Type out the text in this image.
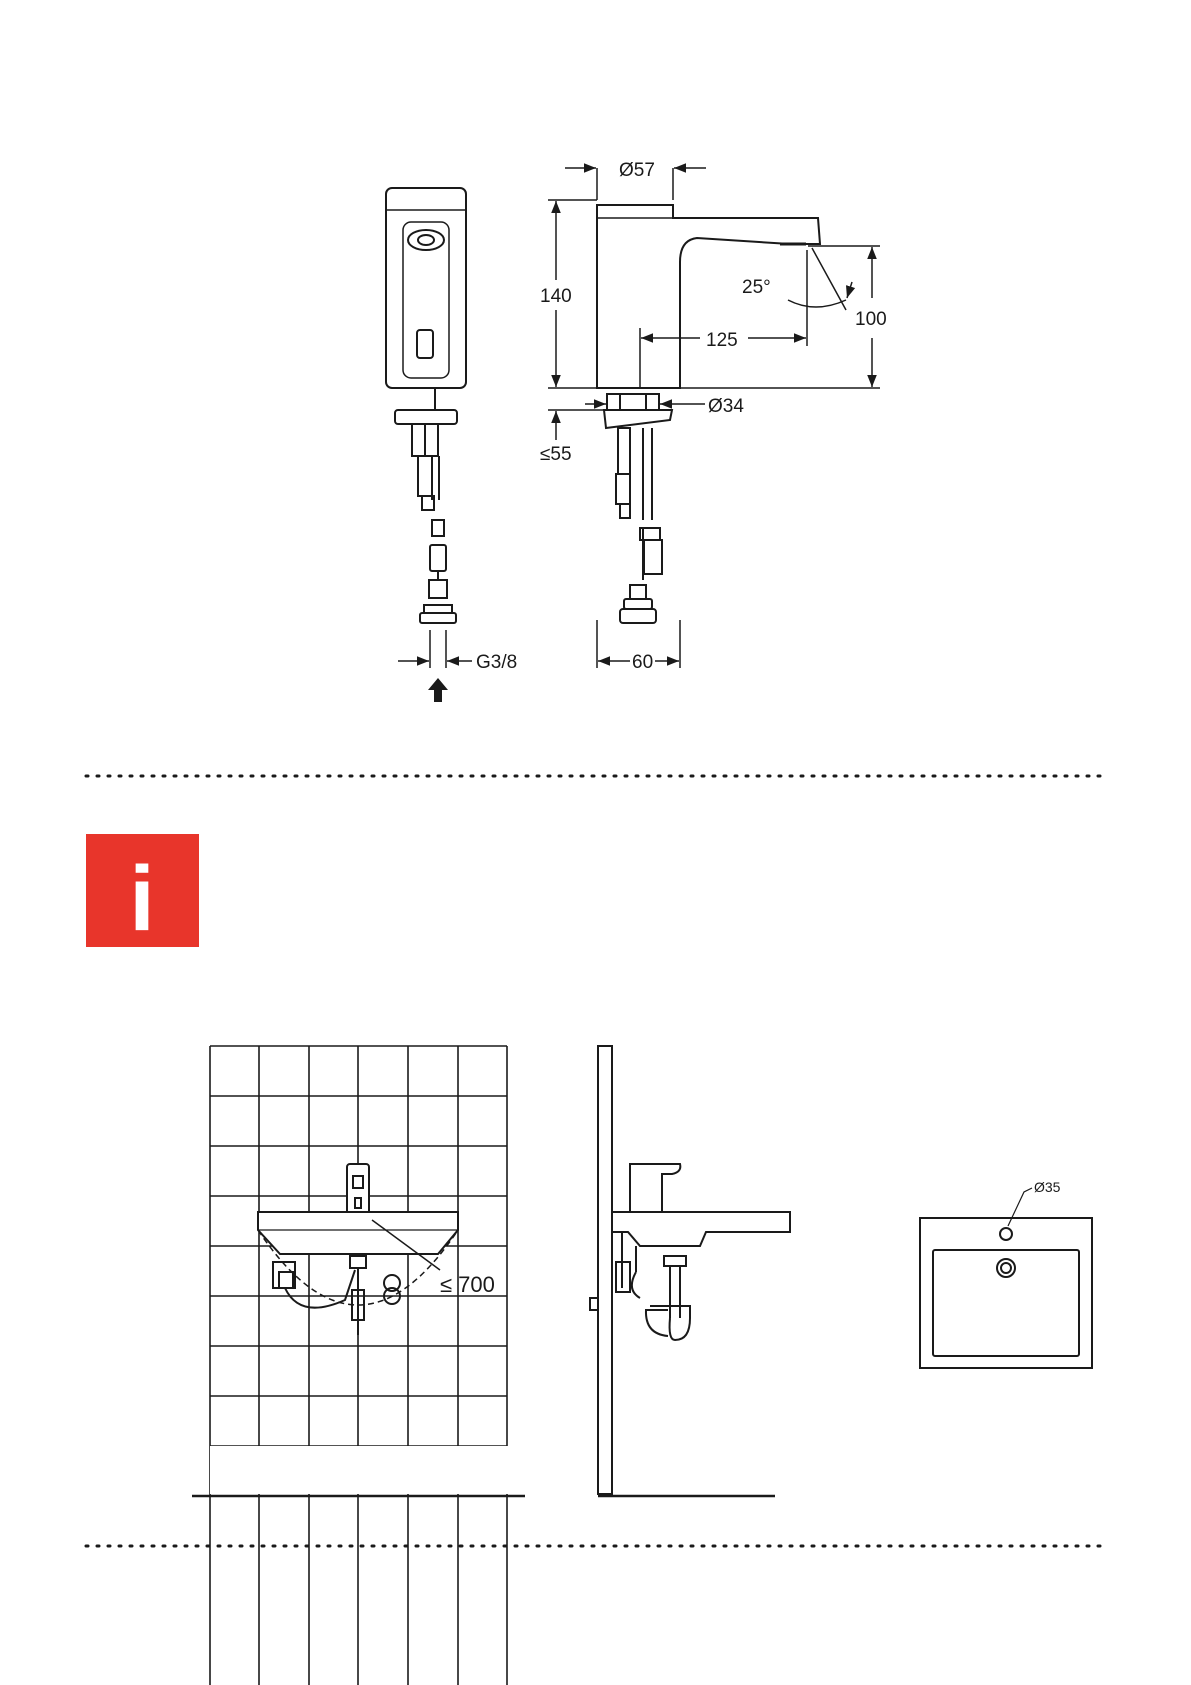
Ø57
140
100
25°
125
Ø34
≤55
G3/8	60
i
≤ 700
Ø35
